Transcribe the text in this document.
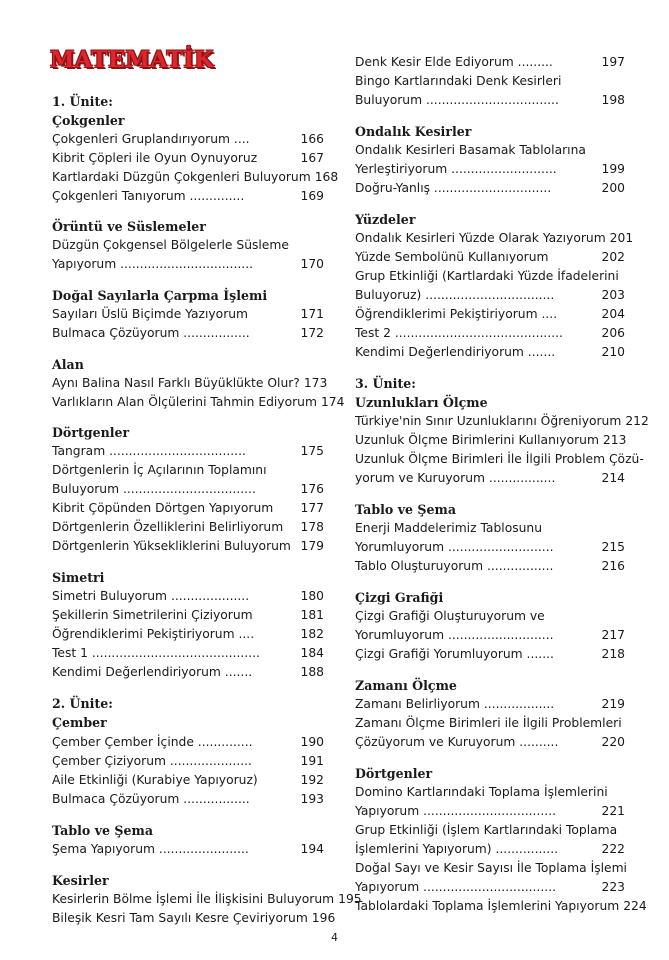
MATEMATİK
1. Ünite:
Çokgenler
Çokgenleri Gruplandırıyorum ....	166
Kibrit Çöpleri ile Oyun Oynuyoruz	167
Kartlardaki Düzgün Çokgenleri Buluyorum 168
Çokgenleri Tanıyorum ..............	169
Örüntü ve Süslemeler
Düzgün Çokgensel Bölgelerle Süsleme
Yapıyorum ..................................	170
Doğal Sayılarla Çarpma İşlemi
Sayıları Üslü Biçimde Yazıyorum	171
Bulmaca Çözüyorum .................	172
Alan
Aynı Balina Nasıl Farklı Büyüklükte Olur? 173
Varlıkların Alan Ölçülerini Tahmin Ediyorum 174
Dörtgenler
Tangram ...................................	175
Dörtgenlerin İç Açılarının Toplamını
Buluyorum ..................................	176
Kibrit Çöpünden Dörtgen Yapıyorum	177
Dörtgenlerin Özelliklerini Belirliyorum	178
Dörtgenlerin Yüksekliklerini Buluyorum 179
Simetri
Simetri Buluyorum ....................	180
Şekillerin Simetrilerini Çiziyorum	181
Öğrendiklerimi Pekiştiriyorum ....	182
Test 1 ...........................................	184
Kendimi Değerlendiriyorum .......	188
2. Ünite:
Çember
Çember Çember İçinde ..............	190
Çember Çiziyorum .....................	191
Aile Etkinliği (Kurabiye Yapıyoruz)	192
Bulmaca Çözüyorum .................	193
Tablo ve Şema
Şema Yapıyorum .......................	194
Kesirler
Kesirlerin Bölme İşlemi İle İlişkisini Buluyorum 195
Bileşik Kesri Tam Sayılı Kesre Çeviriyorum 196
Denk Kesir Elde Ediyorum .........	197
Bingo Kartlarındaki Denk Kesirleri
Buluyorum ..................................	198
Ondalık Kesirler
Ondalık Kesirleri Basamak Tablolarına
Yerleştiriyorum ...........................	199
Doğru-Yanlış ..............................	200
Yüzdeler
Ondalık Kesirleri Yüzde Olarak Yazıyorum 201
Yüzde Sembolünü Kullanıyorum	202
Grup Etkinliği (Kartlardaki Yüzde İfadelerini
Buluyoruz) .................................	203
Öğrendiklerimi Pekiştiriyorum ....	204
Test 2 ...........................................	206
Kendimi Değerlendiriyorum .......	210
3. Ünite:
Uzunlukları Ölçme
Türkiye'nin Sınır Uzunluklarını Öğreniyorum 212
Uzunluk Ölçme Birimlerini Kullanıyorum 213
Uzunluk Ölçme Birimleri İle İlgili Problem Çözü-
yorum ve Kuruyorum .................	214
Tablo ve Şema
Enerji Maddelerimiz Tablosunu
Yorumluyorum ...........................	215
Tablo Oluşturuyorum .................	216
Çizgi Grafiği
Çizgi Grafiği Oluşturuyorum ve
Yorumluyorum ...........................	217
Çizgi Grafiği Yorumluyorum .......	218
Zamanı Ölçme
Zamanı Belirliyorum ..................	219
Zamanı Ölçme Birimleri ile İlgili Problemleri
Çözüyorum ve Kuruyorum ..........	220
Dörtgenler
Domino Kartlarındaki Toplama İşlemlerini
Yapıyorum ..................................	221
Grup Etkinliği (İşlem Kartlarındaki Toplama
İşlemlerini Yapıyorum) ................	222
Doğal Sayı ve Kesir Sayısı İle Toplama İşlemi
Yapıyorum ..................................	223
Tablolardaki Toplama İşlemlerini Yapıyorum 224
4
